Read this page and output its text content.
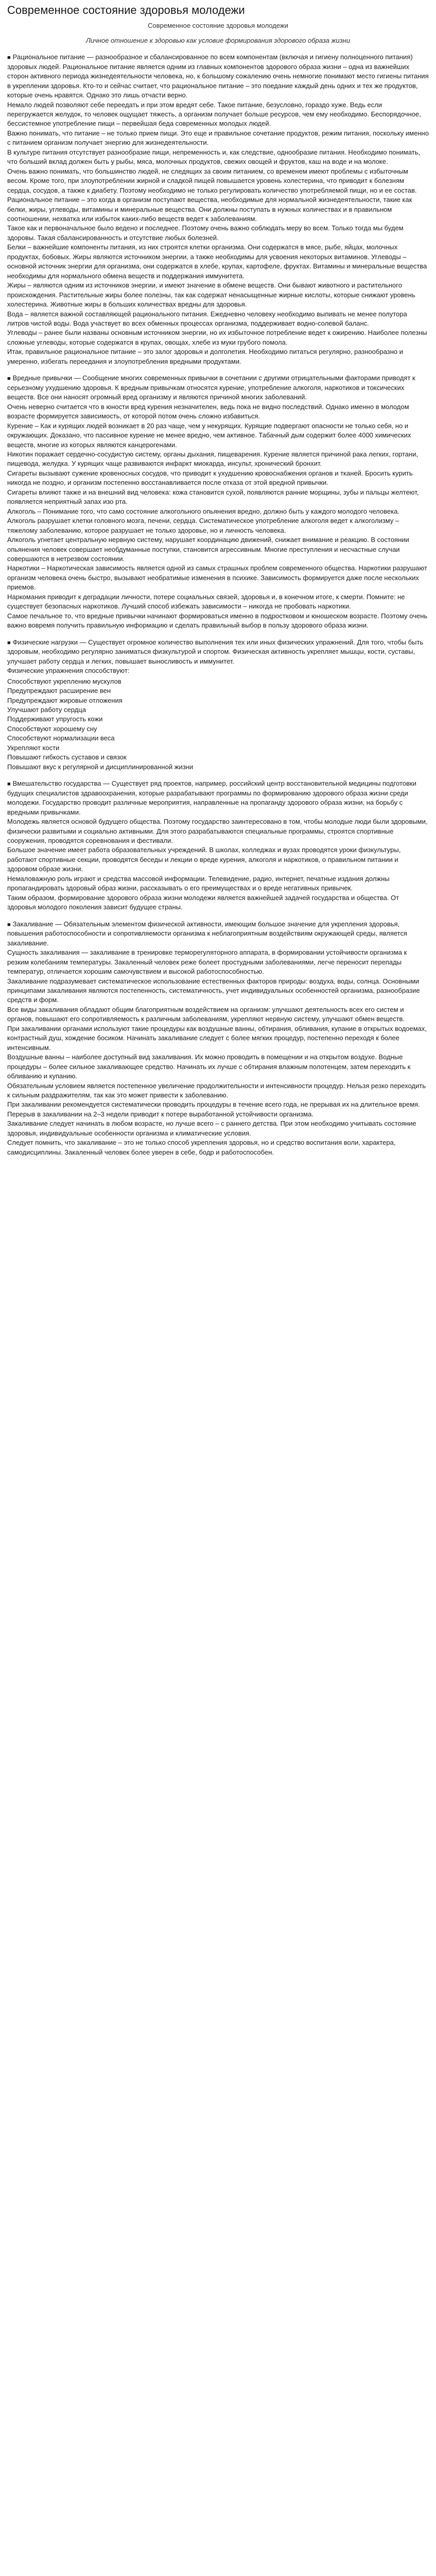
Современное состояние здоровья молодежи
Современное состояние здоровья молодежи
Личное отношение к здоровью как условие формирования здорового образа жизни

■ Рациональное питание — разнообразное и сбалансированное по всем компонентам (включая и гигиену полноценного питания) здоровых людей. Рациональное питание является одним из главных компонентов здорового образа жизни – одна из важнейших сторон активного периода жизнедеятельности человека, но, к большому сожалению очень немногие понимают место гигиены питания в укреплении здоровья. Кто-то и сейчас считает, что рациональное питание – это поедание каждый день одних и тех же продуктов, которые очень нравятся. Однако это лишь отчасти верно.

Немало людей позволяют себе переедать и при этом вредят себе. Такое питание, безусловно, гораздо хуже. Ведь если перегружается желудок, то человек ощущает тяжесть, а организм получает больше ресурсов, чем ему необходимо. Беспорядочное, бессистемное употребление пищи – первейшая беда современных молодых людей.

Важно понимать, что питание – не только прием пищи. Это еще и правильное сочетание продуктов, режим питания, поскольку именно с питанием организм получает энергию для жизнедеятельности.

В культуре питания отсутствует разнообразие пищи, непременность и, как следствие, однообразие питания. Необходимо понимать, что больший вклад должен быть у рыбы, мяса, молочных продуктов, свежих овощей и фруктов, каш на воде и на молоке.

Очень важно понимать, что большинство людей, не следящих за своим питанием, со временем имеют проблемы с избыточным весом. Кроме того, при злоупотреблении жирной и сладкой пищей повышается уровень холестерина, что приводит к болезням сердца, сосудов, а также к диабету. Поэтому необходимо не только регулировать количество употребляемой пищи, но и ее состав.

Рациональное питание – это когда в организм поступают вещества, необходимые для нормальной жизнедеятельности, такие как белки, жиры, углеводы, витамины и минеральные вещества. Они должны поступать в нужных количествах и в правильном соотношении, нехватка или избыток каких-либо веществ ведет к заболеваниям.

Такое как и первоначальное было ведено и последнее. Поэтому очень важно соблюдать меру во всем. Только тогда мы будем здоровы. Такая сбалансированность и отсутствие любых болезней.

Белки – важнейшие компоненты питания, из них строятся клетки организма. Они содержатся в мясе, рыбе, яйцах, молочных продуктах, бобовых. Жиры являются источником энергии, а также необходимы для усвоения некоторых витаминов. Углеводы – основной источник энергии для организма, они содержатся в хлебе, крупах, картофеле, фруктах. Витамины и минеральные вещества необходимы для нормального обмена веществ и поддержания иммунитета.

Жиры – являются одним из источников энергии, и имеют значение в обмене веществ. Они бывают животного и растительного происхождения. Растительные жиры более полезны, так как содержат ненасыщенные жирные кислоты, которые снижают уровень холестерина. Животные жиры в больших количествах вредны для здоровья.

Вода – является важной составляющей рационального питания. Ежедневно человеку необходимо выпивать не менее полутора литров чистой воды. Вода участвует во всех обменных процессах организма, поддерживает водно-солевой баланс.

Углеводы – ранее были названы основным источником энергии, но их избыточное потребление ведет к ожирению. Наиболее полезны сложные углеводы, которые содержатся в крупах, овощах, хлебе из муки грубого помола.

Итак, правильное рациональное питание – это залог здоровья и долголетия. Необходимо питаться регулярно, разнообразно и умеренно, избегать переедания и злоупотребления вредными продуктами.

■ Вредные привычки — Сообщение многих современных привычки в сочетании с другими отрицательными факторами приводят к серьезному ухудшению здоровья. К вредным привычкам относятся курение, употребление алкоголя, наркотиков и токсических веществ. Все они наносят огромный вред организму и являются причиной многих заболеваний.

Очень неверно считается что в юности вред курения незначителен, ведь пока не видно последствий. Однако именно в молодом возрасте формируется зависимость, от которой потом очень сложно избавиться.

Курение – Как и курящих людей возникает в 20 раз чаще, чем у некурящих. Курящие подвергают опасности не только себя, но и окружающих. Доказано, что пассивное курение не менее вредно, чем активное. Табачный дым содержит более 4000 химических веществ, многие из которых являются канцерогенами.

Никотин поражает сердечно-сосудистую систему, органы дыхания, пищеварения. Курение является причиной рака легких, гортани, пищевода, желудка. У курящих чаще развиваются инфаркт миокарда, инсульт, хронический бронхит.

Сигареты вызывают сужение кровеносных сосудов, что приводит к ухудшению кровоснабжения органов и тканей. Бросить курить никогда не поздно, и организм постепенно восстанавливается после отказа от этой вредной привычки.

Сигареты влияют также и на внешний вид человека: кожа становится сухой, появляются ранние морщины, зубы и пальцы желтеют, появляется неприятный запах изо рта.

Алкоголь – Понимание того, что само состояние алкогольного опьянения вредно, должно быть у каждого молодого человека. Алкоголь разрушает клетки головного мозга, печени, сердца. Систематическое употребление алкоголя ведет к алкоголизму – тяжелому заболеванию, которое разрушает не только здоровье, но и личность человека.

Алкоголь угнетает центральную нервную систему, нарушает координацию движений, снижает внимание и реакцию. В состоянии опьянения человек совершает необдуманные поступки, становится агрессивным. Многие преступления и несчастные случаи совершаются в нетрезвом состоянии.

Наркотики – Наркотическая зависимость является одной из самых страшных проблем современного общества. Наркотики разрушают организм человека очень быстро, вызывают необратимые изменения в психике. Зависимость формируется даже после нескольких приемов.

Наркомания приводит к деградации личности, потере социальных связей, здоровья и, в конечном итоге, к смерти. Помните: не существует безопасных наркотиков. Лучший способ избежать зависимости – никогда не пробовать наркотики.

Самое печальное то, что вредные привычки начинают формироваться именно в подростковом и юношеском возрасте. Поэтому очень важно вовремя получить правильную информацию и сделать правильный выбор в пользу здорового образа жизни.

■ Физические нагрузки — Существует огромное количество выполнения тех или иных физических упражнений. Для того, чтобы быть здоровым, необходимо регулярно заниматься физкультурой и спортом. Физическая активность укрепляет мышцы, кости, суставы, улучшает работу сердца и легких, повышает выносливость и иммунитет.

Физические упражнения способствуют:

Способствуют укреплению мускулов

Предупреждают расширение вен

Предупреждают жировые отложения

Улучшают работу сердца

Поддерживают упругость кожи

Способствуют хорошему сну

Способствуют нормализации веса

Укрепляют кости

Повышают гибкость суставов и связок

Повышают вкус к регулярной и дисциплинированной жизни

■ Вмешательство государства — Существует ряд проектов, например, российский центр восстановительной медицины подготовки будущих специалистов здравоохранения, которые разрабатывают программы по формированию здорового образа жизни среди молодежи. Государство проводит различные мероприятия, направленные на пропаганду здорового образа жизни, на борьбу с вредными привычками.

Молодежь является основой будущего общества. Поэтому государство заинтересовано в том, чтобы молодые люди были здоровыми, физически развитыми и социально активными. Для этого разрабатываются специальные программы, строятся спортивные сооружения, проводятся соревнования и фестивали.

Большое значение имеет работа образовательных учреждений. В школах, колледжах и вузах проводятся уроки физкультуры, работают спортивные секции, проводятся беседы и лекции о вреде курения, алкоголя и наркотиков, о правильном питании и здоровом образе жизни.

Немаловажную роль играют и средства массовой информации. Телевидение, радио, интернет, печатные издания должны пропагандировать здоровый образ жизни, рассказывать о его преимуществах и о вреде негативных привычек.

Таким образом, формирование здорового образа жизни молодежи является важнейшей задачей государства и общества. От здоровья молодого поколения зависит будущее страны.

■ Закаливание — Обязательным элементом физической активности, имеющим большое значение для укрепления здоровья, повышения работоспособности и сопротивляемости организма к неблагоприятным воздействиям окружающей среды, является закаливание.

Сущность закаливания — закаливание в тренировке терморегуляторного аппарата, в формировании устойчивости организма к резким колебаниям температуры. Закаленный человек реже болеет простудными заболеваниями, легче переносит перепады температур, отличается хорошим самочувствием и высокой работоспособностью.

Закаливание подразумевает систематическое использование естественных факторов природы: воздуха, воды, солнца. Основными принципами закаливания являются постепенность, систематичность, учет индивидуальных особенностей организма, разнообразие средств и форм.

Все виды закаливания обладают общим благоприятным воздействием на организм: улучшают деятельность всех его систем и органов, повышают его сопротивляемость к различным заболеваниям, укрепляют нервную систему, улучшают обмен веществ.

При закаливании органами используют такие процедуры как воздушные ванны, обтирания, обливания, купание в открытых водоемах, контрастный душ, хождение босиком. Начинать закаливание следует с более мягких процедур, постепенно переходя к более интенсивным.

Воздушные ванны – наиболее доступный вид закаливания. Их можно проводить в помещении и на открытом воздухе. Водные процедуры – более сильное закаливающее средство. Начинать их лучше с обтирания влажным полотенцем, затем переходить к обливанию и купанию.

Обязательным условием является постепенное увеличение продолжительности и интенсивности процедур. Нельзя резко переходить к сильным раздражителям, так как это может привести к заболеванию.

При закаливании рекомендуется систематически проводить процедуры в течение всего года, не прерывая их на длительное время. Перерыв в закаливании на 2–3 недели приводит к потере выработанной устойчивости организма.

Закаливание следует начинать в любом возрасте, но лучше всего – с раннего детства. При этом необходимо учитывать состояние здоровья, индивидуальные особенности организма и климатические условия.

Следует помнить, что закаливание – это не только способ укрепления здоровья, но и средство воспитания воли, характера, самодисциплины. Закаленный человек более уверен в себе, бодр и работоспособен.
